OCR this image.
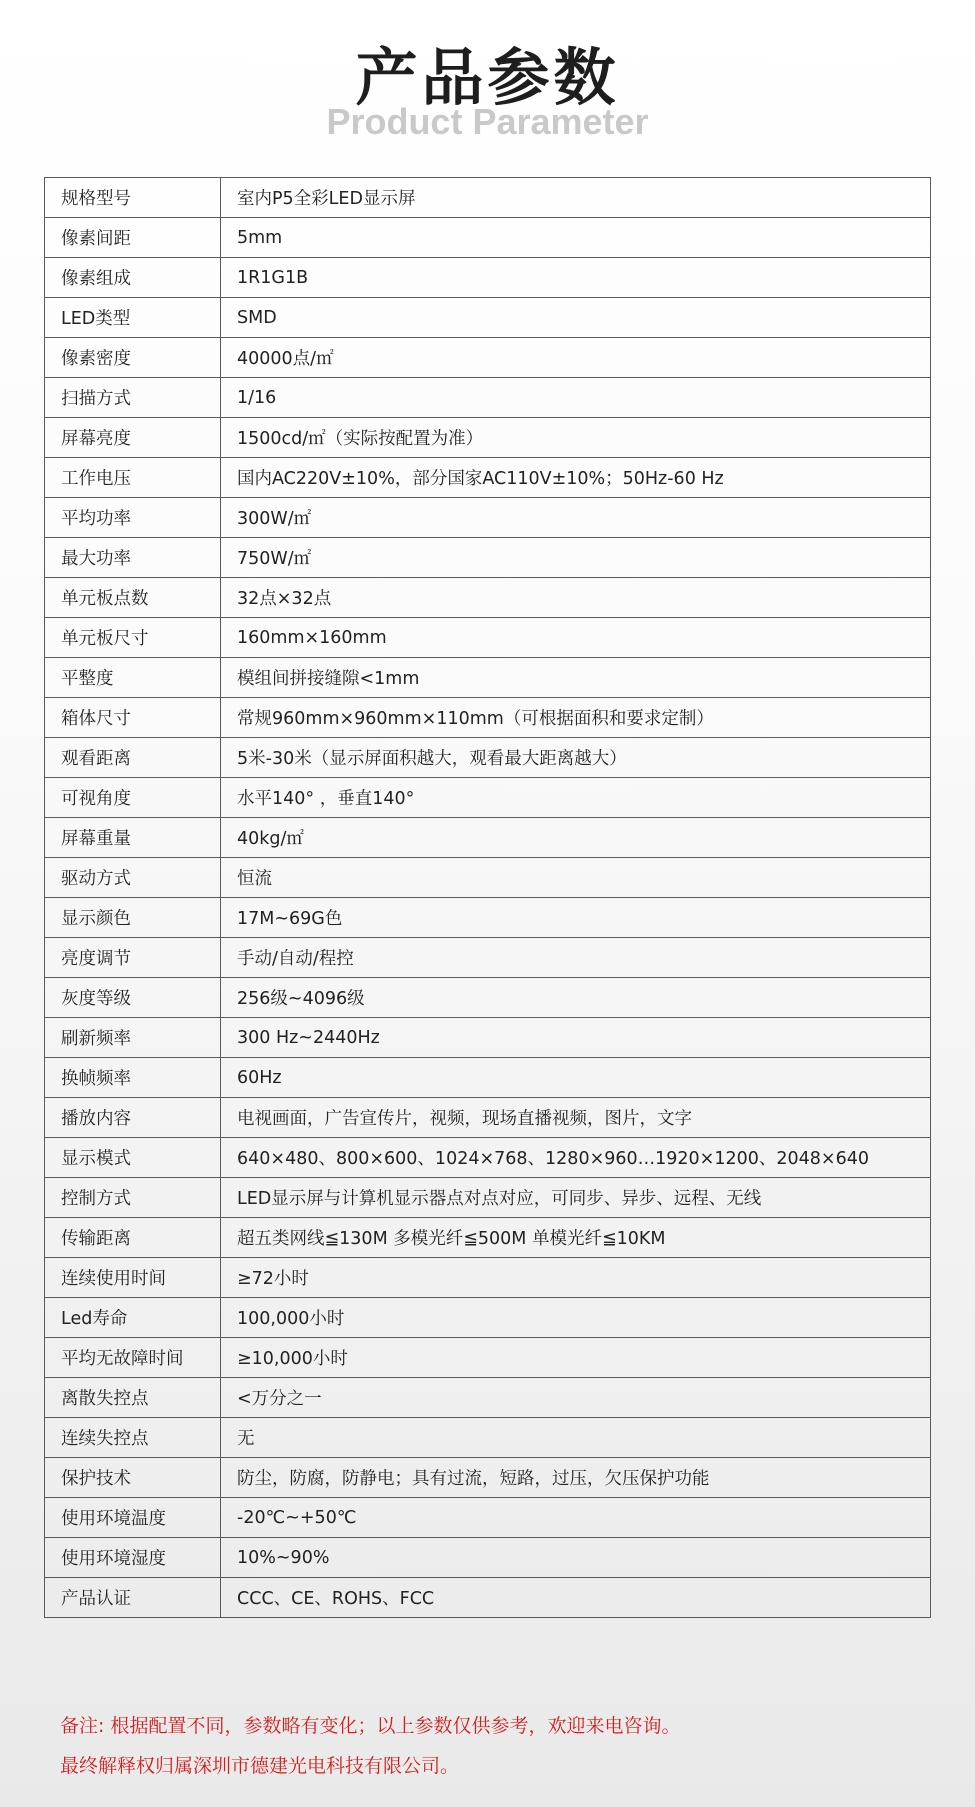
产品参数
Product Parameter
规格型号	室内P5全彩LED显示屏
像素间距	5mm
像素组成	1R1G1B
LED类型	SMD
像素密度	40000点/㎡
扫描方式	1/16
屏幕亮度	1500cd/㎡（实际按配置为准）
工作电压	国内AC220V±10%，部分国家AC110V±10%；50Hz-60 Hz
平均功率	300W/㎡
最大功率	750W/㎡
单元板点数	32点×32点
单元板尺寸	160mm×160mm
平整度	模组间拼接缝隙<1mm
箱体尺寸	常规960mm×960mm×110mm（可根据面积和要求定制）
观看距离	5米-30米（显示屏面积越大，观看最大距离越大）
可视角度	水平140° ，垂直140°
屏幕重量	40kg/㎡
驱动方式	恒流
显示颜色	17M~69G色
亮度调节	手动/自动/程控
灰度等级	256级~4096级
刷新频率	300 Hz~2440Hz
换帧频率	60Hz
播放内容	电视画面，广告宣传片，视频，现场直播视频，图片，文字
显示模式	640×480、800×600、1024×768、1280×960…1920×1200、2048×640
控制方式	LED显示屏与计算机显示器点对点对应，可同步、异步、远程、无线
传输距离	超五类网线≦130M 多模光纤≦500M 单模光纤≦10KM
连续使用时间	≥72小时
Led寿命	100,000小时
平均无故障时间	≥10,000小时
离散失控点	<万分之一
连续失控点	无
保护技术	防尘，防腐，防静电；具有过流，短路，过压，欠压保护功能
使用环境温度	-20℃~+50℃
使用环境湿度	10%~90%
产品认证	CCC、CE、ROHS、FCC
备注: 根据配置不同，参数略有变化；以上参数仅供参考，欢迎来电咨询。
最终解释权归属深圳市德建光电科技有限公司。
